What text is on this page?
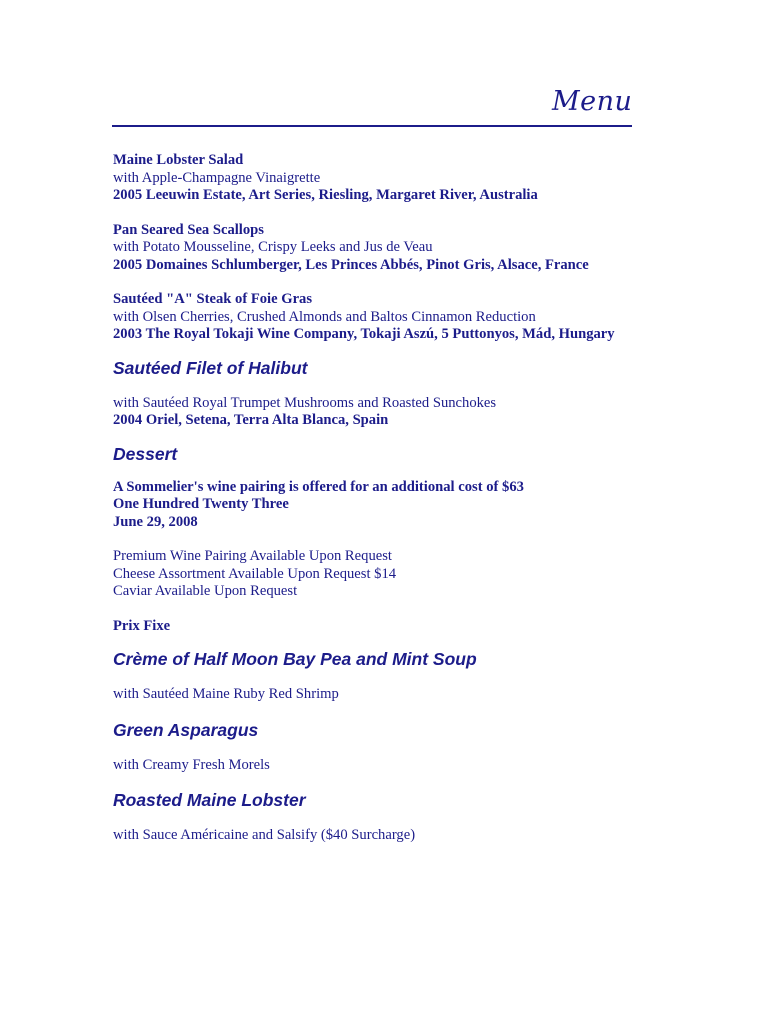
Menu
Maine Lobster Salad
with Apple-Champagne Vinaigrette
2005 Leeuwin Estate, Art Series, Riesling, Margaret River, Australia
Pan Seared Sea Scallops
with Potato Mousseline, Crispy Leeks and Jus de Veau
2005 Domaines Schlumberger, Les Princes Abbés, Pinot Gris, Alsace, France
Sautéed "A" Steak of Foie Gras
with Olsen Cherries, Crushed Almonds and Baltos Cinnamon Reduction
2003 The Royal Tokaji Wine Company, Tokaji Aszú, 5 Puttonyos, Mád, Hungary
Sautéed Filet of Halibut
with Sautéed Royal Trumpet Mushrooms and Roasted Sunchokes
2004 Oriel, Setena, Terra Alta Blanca, Spain
Dessert
A Sommelier's wine pairing is offered for an additional cost of $63
One Hundred Twenty Three
June 29, 2008
Premium Wine Pairing Available Upon Request
Cheese Assortment Available Upon Request $14
Caviar Available Upon Request
Prix Fixe
Crème of Half Moon Bay Pea and Mint Soup
with Sautéed Maine Ruby Red Shrimp
Green Asparagus
with Creamy Fresh Morels
Roasted Maine Lobster
with Sauce Américaine and Salsify ($40 Surcharge)
